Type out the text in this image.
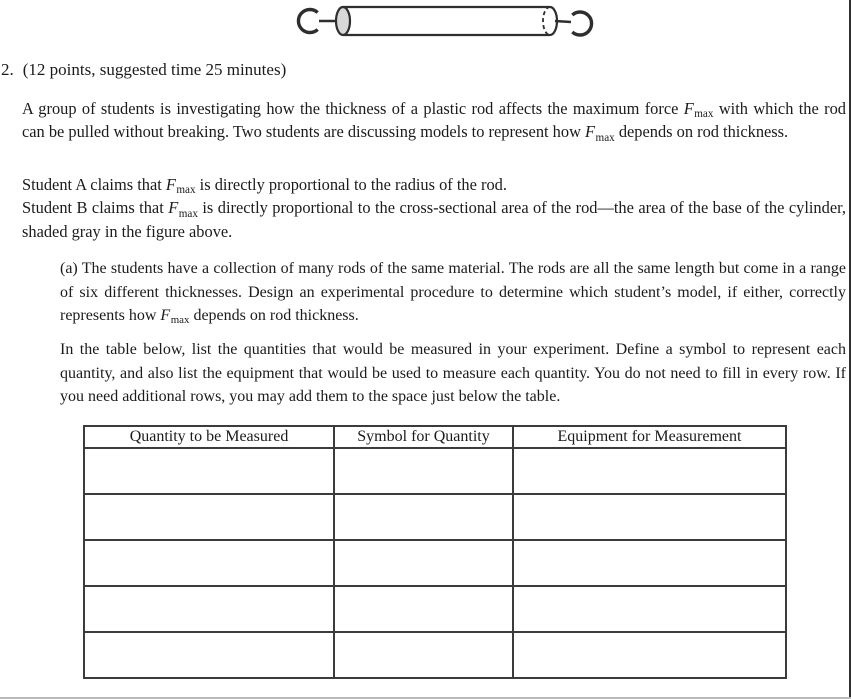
2. (12 points, suggested time 25 minutes)
A group of students is investigating how the thickness of a plastic rod affects the maximum force $F_{max}$ with which the rod can be pulled without breaking. Two students are discussing models to represent how $F_{max}$ depends on rod thickness.
Student A claims that $F_{max}$ is directly proportional to the radius of the rod.
Student B claims that $F_{max}$ is directly proportional to the cross-sectional area of the rod—the area of the base of the cylinder, shaded gray in the figure above.
(a) The students have a collection of many rods of the same material. The rods are all the same length but come in a range of six different thicknesses. Design an experimental procedure to determine which student’s model, if either, correctly represents how $F_{max}$ depends on rod thickness.
In the table below, list the quantities that would be measured in your experiment. Define a symbol to represent each quantity, and also list the equipment that would be used to measure each quantity. You do not need to fill in every row. If you need additional rows, you may add them to the space just below the table.
Quantity to be Measured	Symbol for Quantity	Equipment for Measurement
